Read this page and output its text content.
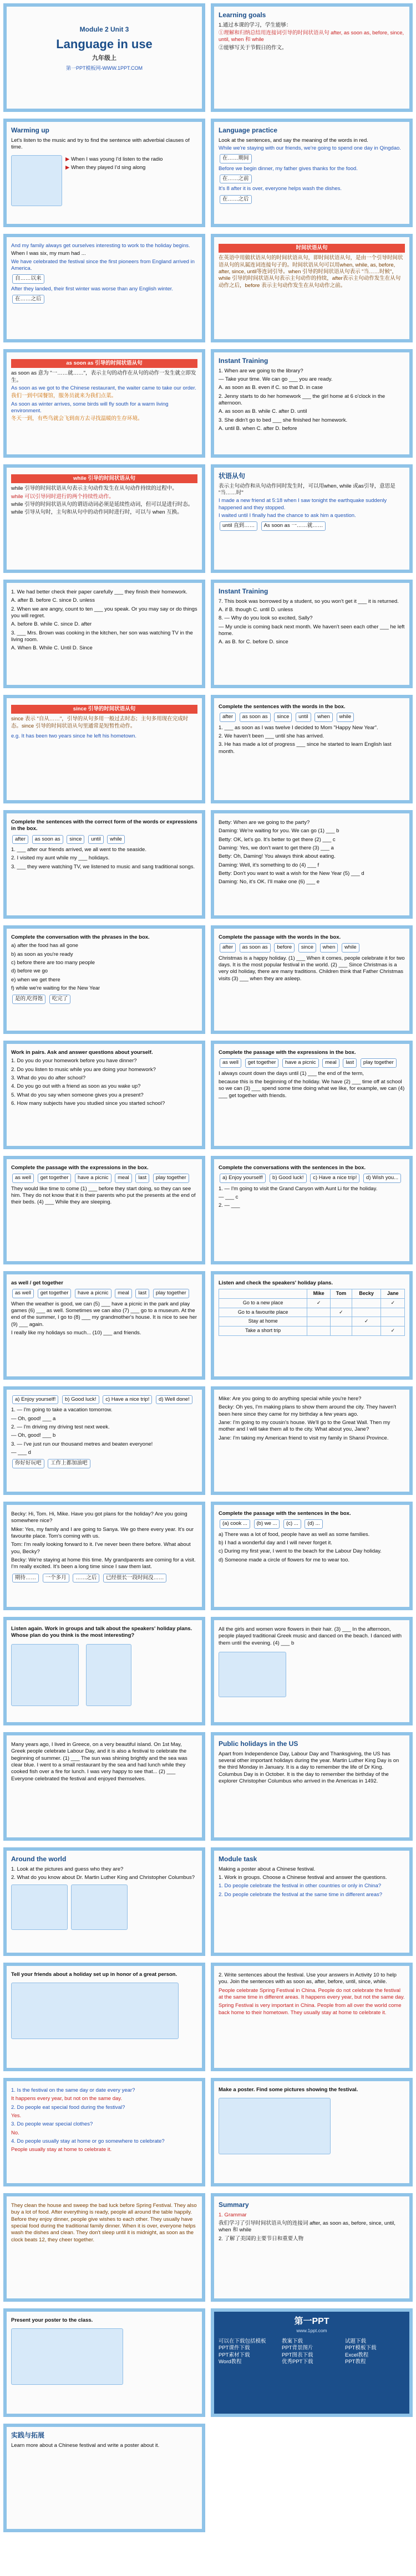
Module 2 Unit 3
Language in use
九年级上
第一PPT模板网-WWW.1PPT.COM
Learning goals
1.通过本课的学习，学生能够：
①理解和归纳总结用连接词引导的时间状语从句 after, as soon as, before, since, until, when 和 while
②能够写关于节假日的作文。
Warming up
Let's listen to the music and try to find the sentence with adverbial clauses of time.
▶ When I was young I'd listen to the radio
▶ When they played I'd sing along
Language practice
Look at the sentences, and say the meaning of the words in red.
While we're staying with our friends, we're going to spend one day in Qingdao.
在……期间
Before we begin dinner, my father gives thanks for the food.
在……之前
It's 8 after it is over, everyone helps wash the dishes.
在……之后
And my family always get ourselves interesting to work to the holiday begins.
When I was six, my mum had ...
We have celebrated the festival since the first pioneers from England arrived in America.
自……以来
After they landed, their first winter was worse than any English winter.
在……之后
时间状语从句
在英语中用做状语从句的时间状语从句，即时间状语从句，是由一个引导时间状语从句的从属连词连接句子的。时间状语从句可以用when, while, as, before, after, since, until等连词引导。when 引导的时间状语从句表示 "当……时候"，while 引导的时间状语从句表示主句动作的持续，after表示主句动作发生在从句动作之后，before 表示主句动作发生在从句动作之前。
as soon as 引导的时间状语从句
as soon as 意为 "一……就……"，表示主句的动作在从句的动作一发生就立即发生。
As soon as we got to the Chinese restaurant, the waiter came to take our order.
我们一到中国餐馆，服务员就来为我们点菜。
As soon as winter arrives, some birds will fly south for a warm living environment.
冬天一到，有些鸟就会飞到南方去寻找温暖的生存环境。
Instant Training
1. When are we going to the library?
— Take your time. We can go ___ you are ready.
A. as soon as B. even if C. so that D. in case
2. Jenny starts to do her homework ___ the girl home at 6 o'clock in the afternoon.
A. as soon as B. while C. after D. until
3. She didn't go to bed ___ she finished her homework.
A. until B. when C. after D. before
while 引导的时间状语从句
while 引导的时间状语从句表示主句动作发生在从句动作持续的过程中。
while 可以引导同时进行的两个持续性动作。
while 引导的时间状语从句的谓语动词必须是延续性动词，但可以是进行时态。
while 引导从句时，主句和从句中的动作同时进行时，可以与 when 互换。
状语从句
表示主句动作和从句动作同时发生时，可以用when, while 或as引导，意思是 "当……时"
I made a new friend at 5:18 when I saw tonight the earthquake suddenly happened and they stopped.
I waited until I finally had the chance to ask him a question.
until 直到…… As soon as 一……就……
1. We had better check their paper carefully ___ they finish their homework.
A. after B. before C. since D. unless
2. When we are angry, count to ten ___ you speak. Or you may say or do things you will regret.
A. before B. while C. since D. after
3. ___ Mrs. Brown was cooking in the kitchen, her son was watching TV in the living room.
A. When B. While C. Until D. Since
Instant Training
7. This book was borrowed by a student, so you won't get it ___ it is returned.
A. if B. though C. until D. unless
8. — Why do you look so excited, Sally?
— My uncle is coming back next month. We haven't seen each other ___ he left home.
A. as B. for C. before D. since
since 引导的时间状语从句
since 表示 "自从……"，引导的从句多用一般过去时态；主句多用现在完成时态。since 引导的时间状语从句里通常是短暂性动作。
e.g. It has been two years since he left his hometown.
Complete the sentences with the words in the box.
after as soon as since until when while
1. ___ as soon as I was twelve I decided to Mom "Happy New Year".
2. We haven't been ___ until she has arrived.
3. He has made a lot of progress ___ since he started to learn English last month.
Complete the sentences with the correct form of the words or expressions in the box.
after as soon as since until while
1. ___ after our friends arrived, we all went to the seaside.
2. I visited my aunt while my ___ holidays.
3. ___ they were watching TV, we listened to music and sang traditional songs.
Betty: When are we going to the party?
Daming: We're waiting for you. We can go (1) ___ b
Betty: OK, let's go. It's better to get there (2) ___ c
Daming: Yes, we don't want to get there (3) ___ a
Betty: Oh, Daming! You always think about eating.
Daming: Well, it's something to do (4) ___ f
Betty: Don't you want to wait a wish for the New Year (5) ___ d
Daming: No, it's OK. I'll make one (6) ___ e
Complete the conversation with the phrases in the box.
a) after the food has all gone
b) as soon as you're ready
c) before there are too many people
d) before we go
e) when we get there
f) while we're waiting for the New Year
是的,吃得饱 吃完了
Complete the passage with the words in the box.
after as soon as before since when while
Christmas is a happy holiday. (1) ___ When it comes, people celebrate it for two days. It is the most popular festival in the world. (2) ___ Since Christmas is a very old holiday, there are many traditions. Children think that Father Christmas visits (3) ___ when they are asleep.
Work in pairs. Ask and answer questions about yourself.
1. Do you do your homework before you have dinner?
2. Do you listen to music while you are doing your homework?
3. What do you do after school?
4. Do you go out with a friend as soon as you wake up?
5. What do you say when someone gives you a present?
6. How many subjects have you studied since you started school?
Complete the passage with the expressions in the box.
as well get together have a picnic meal last play together
I always count down the days until (1) ___ the end of the term,
because this is the beginning of the holiday. We have (2) ___ time off at school so we can (3) ___ spend some time doing what we like, for example, we can (4) ___ get together with friends.
Complete the passage with the expressions in the box.
as well get together have a picnic meal last play together
They would like time to come (1) ___ before they start doing, so they can see him. They do not know that it is their parents who put the presents at the end of their beds. (4) ___ While they are sleeping.
Complete the conversations with the sentences in the box.
a) Enjoy yourself! b) Good luck! c) Have a nice trip! d) Wish you...
1. — I'm going to visit the Grand Canyon with Aunt Li for the holiday.
— ___ c
2. — ___
as well / get together
as well get together have a picnic meal last play together
When the weather is good, we can (5) ___ have a picnic in the park and play games (6) ___ as well. Sometimes we can also (7) ___ go to a museum. At the end of the summer, I go to (8) ___ my grandmother's house. It is nice to see her (9) ___ again.
I really like my holidays so much... (10) ___ and friends.
Listen and check the speakers' holiday plans.
	Mike	Tom	Becky	Jane
Go to a new place	✓			✓
Go to a favourite place		✓		
Stay at home			✓	
Take a short trip				✓
a) Enjoy yourself! b) Good luck! c) Have a nice trip! d) Well done!
1. — I'm going to take a vacation tomorrow.
— Oh, good! ___ a
2. — I'm driving my driving test next week.
— Oh, good! ___ b
3. — I've just run our thousand metres and beaten everyone!
— ___ d
你好好玩吧 工作上都加油吧
Mike: Are you going to do anything special while you're here?
Becky: Oh yes, I'm making plans to show them around the city. They haven't been here since they came for my birthday a few years ago.
Jane: I'm going to my cousin's house. We'll go to the Great Wall. Then my mother and I will take them all to the city. What about you, Jane?
Jane: I'm taking my American friend to visit my family in Shanxi Province.
Becky: Hi, Tom. Hi, Mike. Have you got plans for the holiday? Are you going somewhere nice?
Mike: Yes, my family and I are going to Sanya. We go there every year. It's our favourite place. Tom's coming with us.
Tom: I'm really looking forward to it. I've never been there before. What about you, Becky?
Becky: We're staying at home this time. My grandparents are coming for a visit. I'm really excited. It's been a long time since I saw them last.
期待…… 一个多月 ……之后 已经很长一段时间没……
Complete the passage with the sentences in the box.
(a) cook ... (b) we ... (c) ... (d) ...
a) There was a lot of food, people have as well as some families.
b) I had a wonderful day and I will never forget it.
c) During my first year, I went to the beach for the Labour Day holiday.
d) Someone made a circle of flowers for me to wear too.
Listen again. Work in groups and talk about the speakers' holiday plans. Whose plan do you think is the most interesting?

All the girls and women wore flowers in their hair. (3) ___ In the afternoon, people played traditional Greek music and danced on the beach. I danced with them until the evening. (4) ___ b
Many years ago, I lived in Greece, on a very beautiful island. On 1st May, Greek people celebrate Labour Day, and it is also a festival to celebrate the beginning of summer. (1) ___ The sun was shining brightly and the sea was clear blue. I went to a small restaurant by the sea and had lunch while they cooked fish over a fire for lunch. I was very happy to see that... (2) ___ Everyone celebrated the festival and enjoyed themselves.
Public holidays in the US
Apart from Independence Day, Labour Day and Thanksgiving, the US has several other important holidays during the year. Martin Luther King Day is on the third Monday in January. It is a day to remember the life of Dr King. Columbus Day is in October. It is the day to remember the birthday of the explorer Christopher Columbus who arrived in the Americas in 1492.
Around the world
1. Look at the pictures and guess who they are?
2. What do you know about Dr. Martin Luther King and Christopher Columbus?
Module task
Making a poster about a Chinese festival.
1. Work in groups. Choose a Chinese festival and answer the questions.
1. Do people celebrate the festival in other countries or only in China?
2. Do people celebrate the festival at the same time in different areas?
Tell your friends about a holiday set up in honor of a great person.	2. Write sentences about the festival. Use your answers in Activity 10 to help you. Join the sentences with as soon as, after, before, until, since, while.
People celebrate Spring Festival in China. People do not celebrate the festival at the same time in different areas. It happens every year, but not the same day.
Spring Festival is very important in China. People from all over the world come back home to their hometown. They usually stay at home to celebrate it.
1. Is the festival on the same day or date every year?
It happens every year, but not on the same day.
2. Do people eat special food during the festival?
Yes.
3. Do people wear special clothes?
No.
4. Do people usually stay at home or go somewhere to celebrate?
People usually stay at home to celebrate it.
Make a poster. Find some pictures showing the festival.
They clean the house and sweep the bad luck before Spring Festival. They also buy a lot of food. After everything is ready, people all around the table happily. Before they enjoy dinner, people give wishes to each other. They usually have special food during the traditional family dinner. When it is over, everyone helps wash the dishes and clean. They don't sleep until it is midnight, as soon as the clock beats 12, they cheer together.
Summary
1. Grammar
我们学习了引导时间状语从句的连接词 after, as soon as, before, since, until, when 和 while
2. 了解了美国的主要节日和重要人物
Present your poster to the class.	第一PPT
www.1ppt.com
可以在下载包括模板
PPT课件下载
PPT素材下载
Word教程
教案下载
PPT背景图片
PPT图表下载
优秀PPT下载
试题下载
PPT模板下载
Excel教程
PPT教程
实践与拓展
Learn more about a Chinese festival and write a poster about it.
